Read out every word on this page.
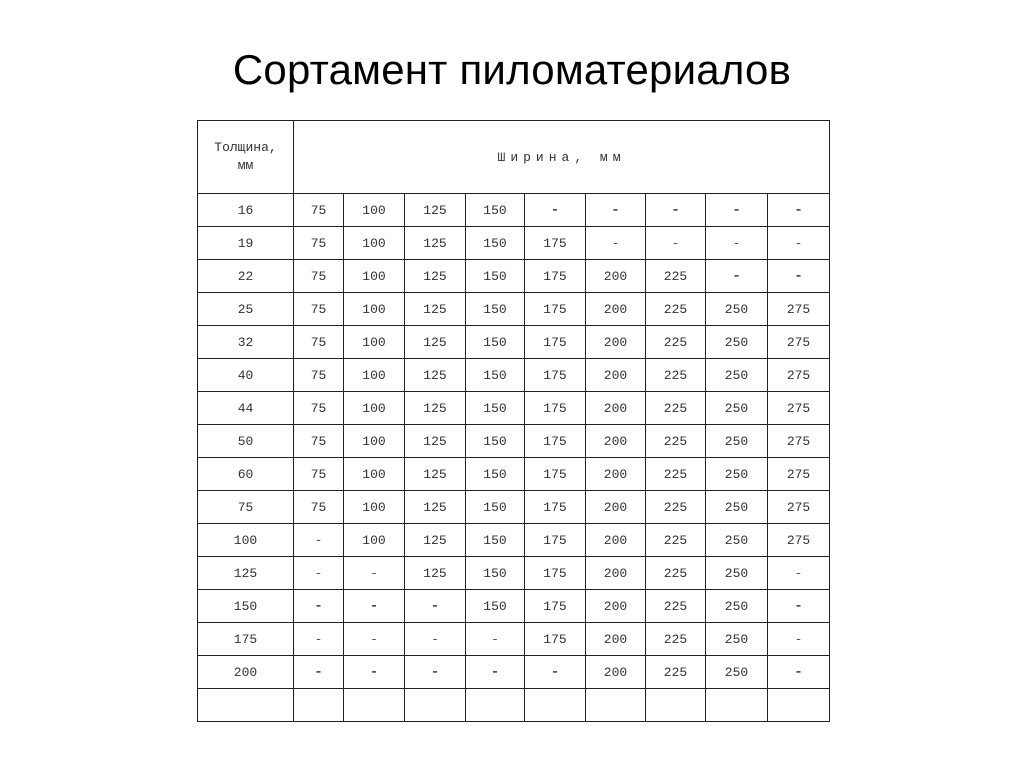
Сортамент пиломатериалов
Толщина,
мм	Ширина, мм								
16	75	100	125	150	-	-	-	-	-
19	75	100	125	150	175	-	-	-	-
22	75	100	125	150	175	200	225	-	-
25	75	100	125	150	175	200	225	250	275
32	75	100	125	150	175	200	225	250	275
40	75	100	125	150	175	200	225	250	275
44	75	100	125	150	175	200	225	250	275
50	75	100	125	150	175	200	225	250	275
60	75	100	125	150	175	200	225	250	275
75	75	100	125	150	175	200	225	250	275
100	-	100	125	150	175	200	225	250	275
125	-	-	125	150	175	200	225	250	-
150	-	-	-	150	175	200	225	250	-
175	-	-	-	-	175	200	225	250	-
200	-	-	-	-	-	200	225	250	-
